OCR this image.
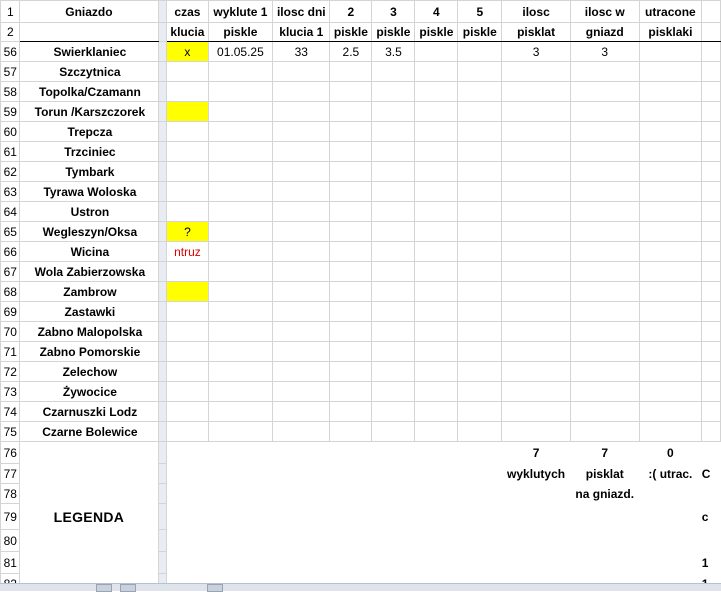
1	Gniazdo		czas	wyklute 1	ilosc dni	2	3	4	5	ilosc	ilosc w	utracone	
2			klucia	piskle	klucia 1	piskle	piskle	piskle	piskle	pisklat	gniazd	pisklaki	
56	Swierklaniec		x	01.05.25	33	2.5	3.5			3	3		
57	Szczytnica												
58	Topolka/Czamann												
59	Torun /Karszczorek												
60	Trepcza												
61	Trzciniec												
62	Tymbark												
63	Tyrawa Woloska												
64	Ustron												
65	Wegleszyn/Oksa		?										
66	Wicina		ntruz										
67	Wola Zabierzowska												
68	Zambrow												
69	Zastawki												
70	Zabno Malopolska												
71	Zabno Pomorskie												
72	Zelechow												
73	Żywocice												
74	Czarnuszki Lodz												
75	Czarne Bolewice												
76										7	7	0	
77										wyklutych	pisklat	:( utrac.	C
78											na gniazd.		
79	LEGENDA												c
80													
81													1
